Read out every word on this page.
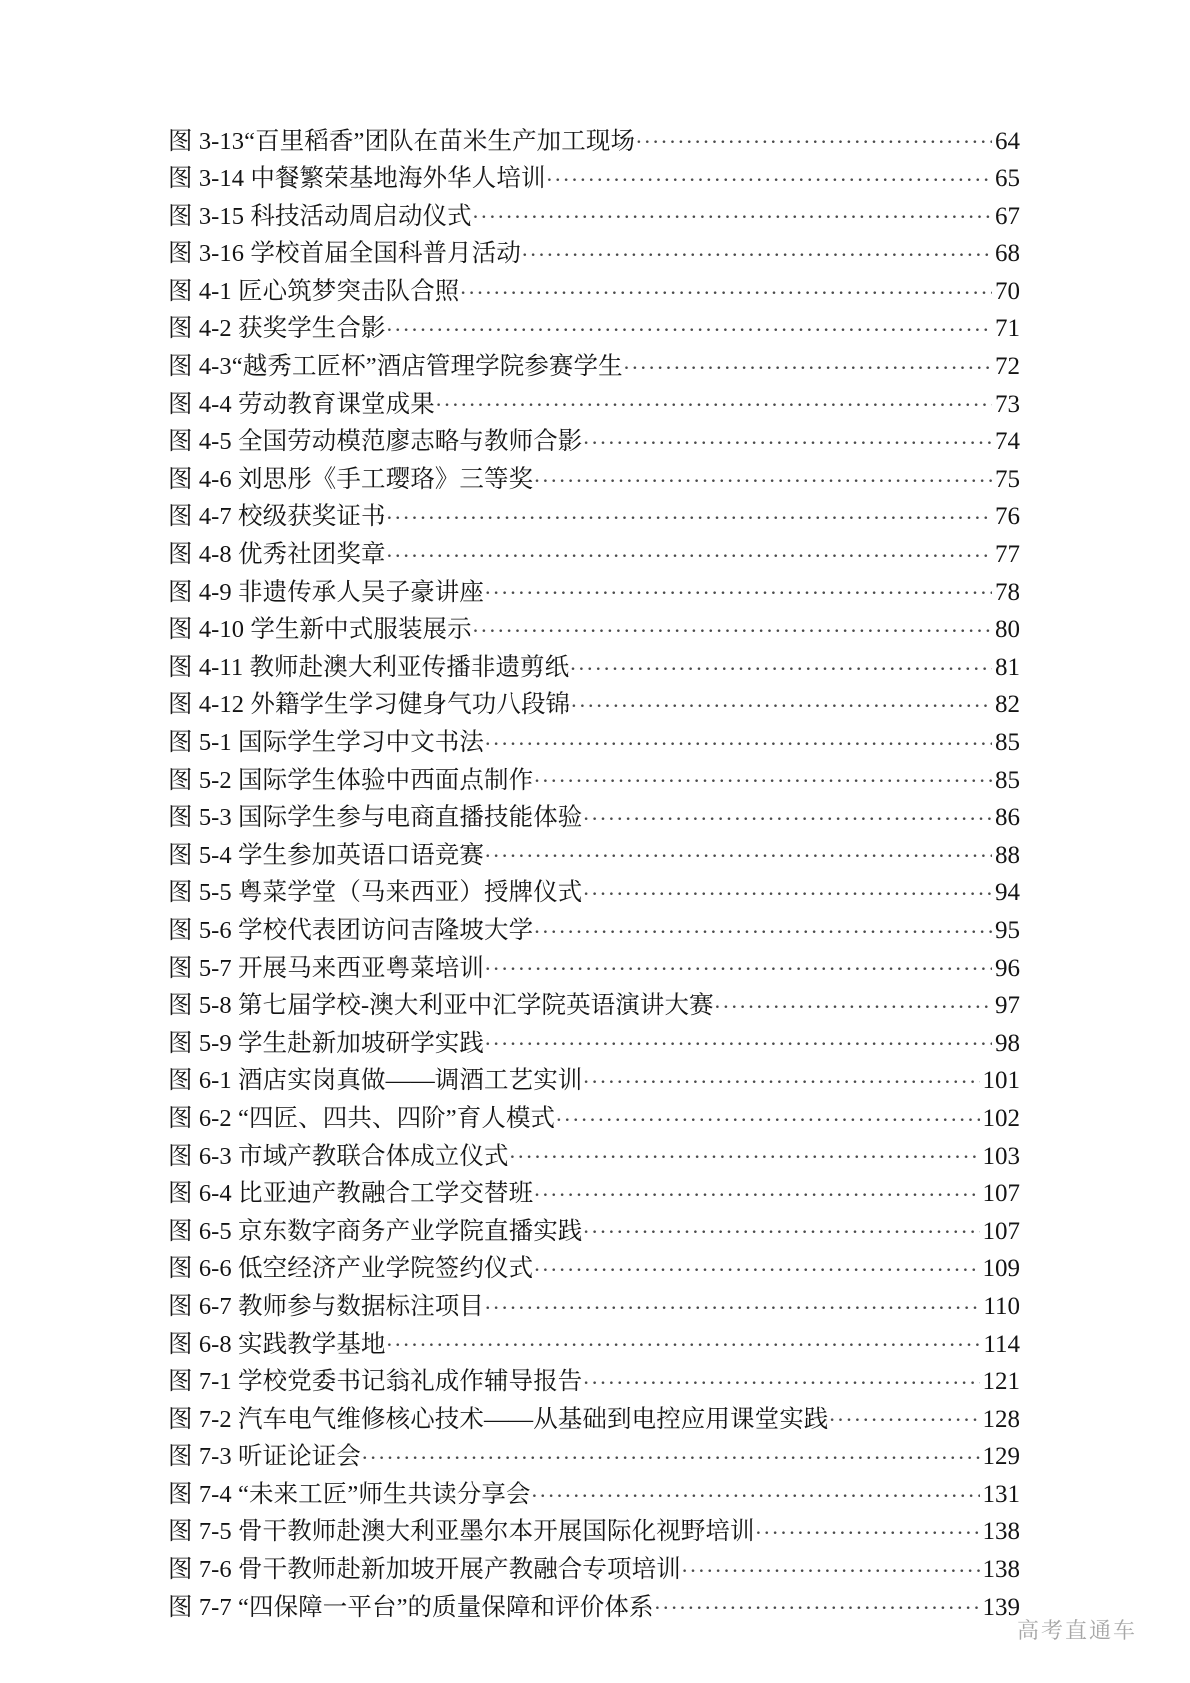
图 3-13“百里稻香”团队在苗米生产加工现场 .....	64
图 3-14 中餐繁荣基地海外华人培训 .....	65
图 3-15 科技活动周启动仪式 .....	67
图 3-16 学校首届全国科普月活动 .....	68
图 4-1 匠心筑梦突击队合照 .....	70
图 4-2 获奖学生合影 .....	71
图 4-3“越秀工匠杯”酒店管理学院参赛学生 .....	72
图 4-4 劳动教育课堂成果 .....	73
图 4-5 全国劳动模范廖志略与教师合影 .....	74
图 4-6 刘思彤《手工璎珞》三等奖 .....	75
图 4-7 校级获奖证书 .....	76
图 4-8 优秀社团奖章 .....	77
图 4-9 非遗传承人吴子豪讲座 .....	78
图 4-10 学生新中式服装展示 .....	80
图 4-11 教师赴澳大利亚传播非遗剪纸 .....	81
图 4-12 外籍学生学习健身气功八段锦 .....	82
图 5-1 国际学生学习中文书法 .....	85
图 5-2 国际学生体验中西面点制作 .....	85
图 5-3 国际学生参与电商直播技能体验 .....	86
图 5-4 学生参加英语口语竞赛 .....	88
图 5-5 粤菜学堂（马来西亚）授牌仪式 .....	94
图 5-6 学校代表团访问吉隆坡大学 .....	95
图 5-7 开展马来西亚粤菜培训 .....	96
图 5-8 第七届学校-澳大利亚中汇学院英语演讲大赛 .....	97
图 5-9 学生赴新加坡研学实践 .....	98
图 6-1 酒店实岗真做——调酒工艺实训 .....	101
图 6-2 “四匠、四共、四阶”育人模式 .....	102
图 6-3 市域产教联合体成立仪式 .....	103
图 6-4 比亚迪产教融合工学交替班 .....	107
图 6-5 京东数字商务产业学院直播实践 .....	107
图 6-6 低空经济产业学院签约仪式 .....	109
图 6-7 教师参与数据标注项目 .....	110
图 6-8 实践教学基地 .....	114
图 7-1 学校党委书记翁礼成作辅导报告 .....	121
图 7-2 汽车电气维修核心技术——从基础到电控应用课堂实践 .....	128
图 7-3 听证论证会 .....	129
图 7-4 “未来工匠”师生共读分享会 .....	131
图 7-5 骨干教师赴澳大利亚墨尔本开展国际化视野培训 .....	138
图 7-6 骨干教师赴新加坡开展产教融合专项培训 .....	138
图 7-7 “四保障一平台”的质量保障和评价体系 .....	139
高考直通车
